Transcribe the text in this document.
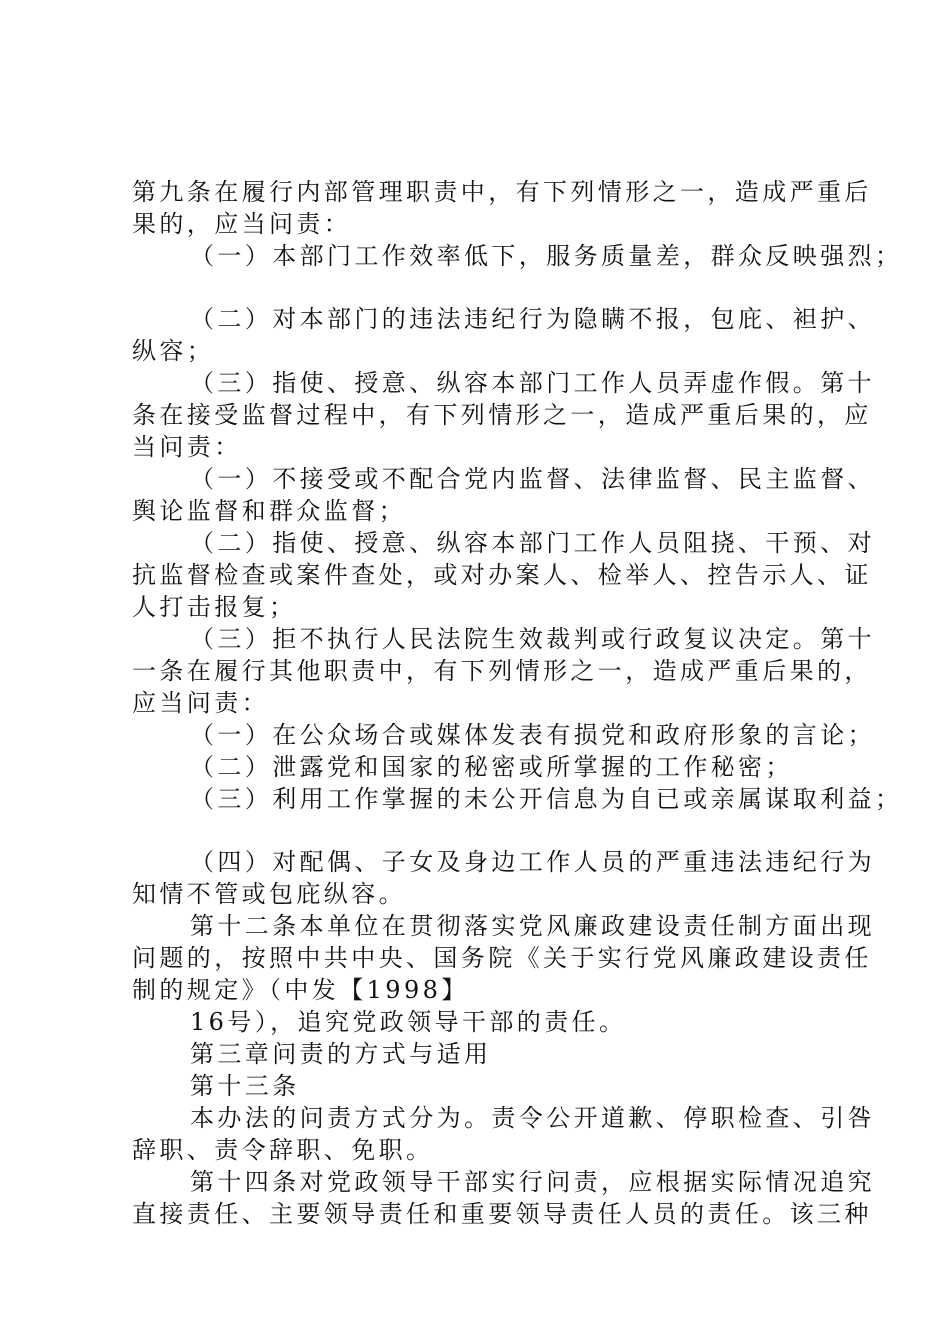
第九条在履行内部管理职责中，有下列情形之一，造成严重后
果的，应当问责：
（一）本部门工作效率低下，服务质量差，群众反映强烈；
（二）对本部门的违法违纪行为隐瞒不报，包庇、袒护、
纵容；
（三）指使、授意、纵容本部门工作人员弄虚作假。第十
条在接受监督过程中，有下列情形之一，造成严重后果的，应
当问责：
（一）不接受或不配合党内监督、法律监督、民主监督、
舆论监督和群众监督；
（二）指使、授意、纵容本部门工作人员阻挠、干预、对
抗监督检查或案件查处，或对办案人、检举人、控告示人、证
人打击报复；
（三）拒不执行人民法院生效裁判或行政复议决定。第十
一条在履行其他职责中，有下列情形之一，造成严重后果的，
应当问责：
（一）在公众场合或媒体发表有损党和政府形象的言论；
（二）泄露党和国家的秘密或所掌握的工作秘密；
（三）利用工作掌握的未公开信息为自已或亲属谋取利益；
（四）对配偶、子女及身边工作人员的严重违法违纪行为
知情不管或包庇纵容。
第十二条本单位在贯彻落实党风廉政建设责任制方面出现
问题的，按照中共中央、国务院《关于实行党风廉政建设责任
制的规定》（中发【1998】
16号），追究党政领导干部的责任。
第三章问责的方式与适用
第十三条
本办法的问责方式分为。责令公开道歉、停职检查、引咎
辞职、责令辞职、免职。
第十四条对党政领导干部实行问责，应根据实际情况追究
直接责任、主要领导责任和重要领导责任人员的责任。该三种
